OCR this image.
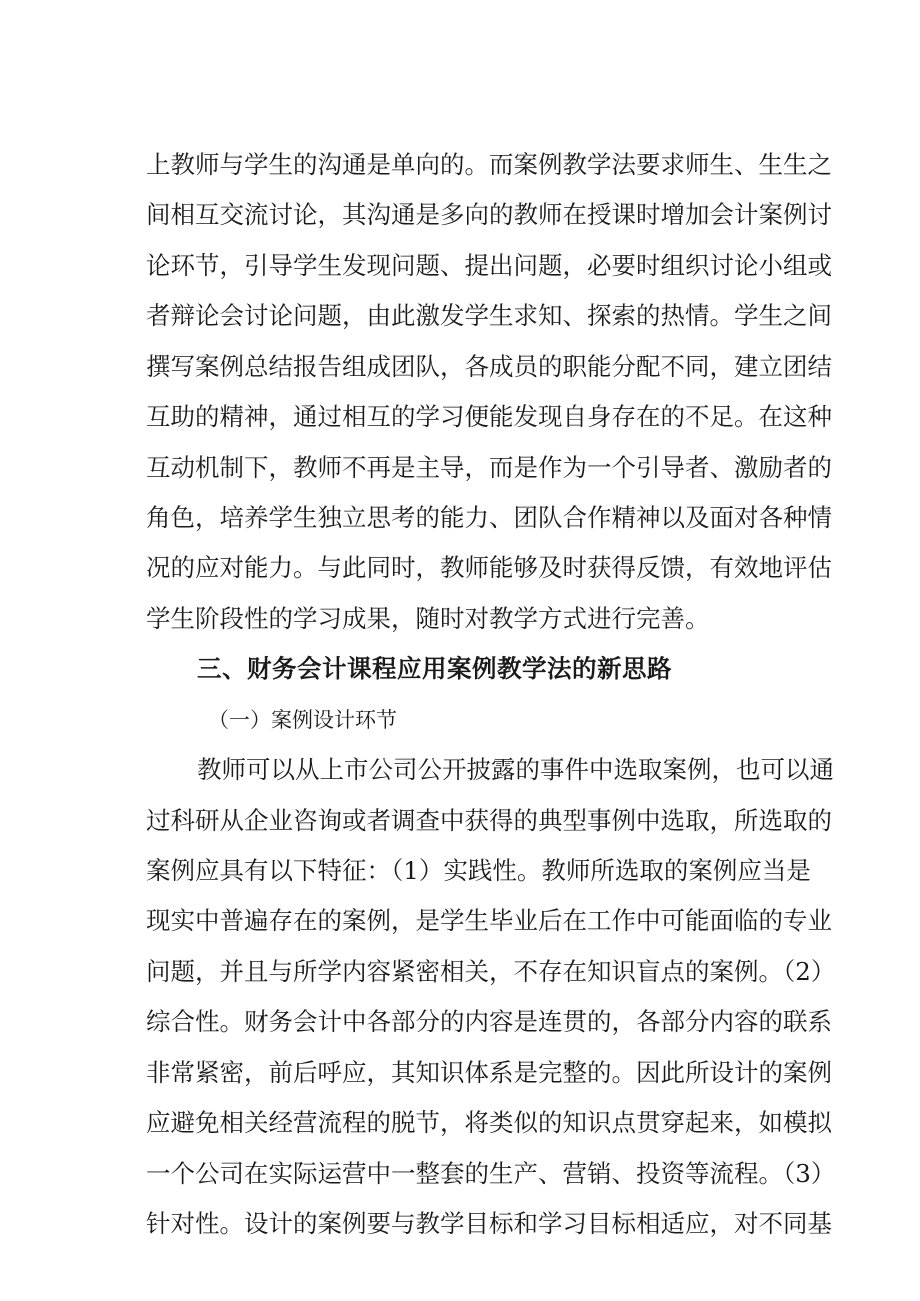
上教师与学生的沟通是单向的。而案例教学法要求师生、生生之
间相互交流讨论，其沟通是多向的教师在授课时增加会计案例讨
论环节，引导学生发现问题、提出问题，必要时组织讨论小组或
者辩论会讨论问题，由此激发学生求知、探索的热情。学生之间
撰写案例总结报告组成团队，各成员的职能分配不同，建立团结
互助的精神，通过相互的学习便能发现自身存在的不足。在这种
互动机制下，教师不再是主导，而是作为一个引导者、激励者的
角色，培养学生独立思考的能力、团队合作精神以及面对各种情
况的应对能力。与此同时，教师能够及时获得反馈，有效地评估
学生阶段性的学习成果，随时对教学方式进行完善。
三、财务会计课程应用案例教学法的新思路
（一）案例设计环节
教师可以从上市公司公开披露的事件中选取案例，也可以通
过科研从企业咨询或者调查中获得的典型事例中选取，所选取的
案例应具有以下特征：（1）实践性。教师所选取的案例应当是
现实中普遍存在的案例，是学生毕业后在工作中可能面临的专业
问题，并且与所学内容紧密相关，不存在知识盲点的案例。（2）
综合性。财务会计中各部分的内容是连贯的，各部分内容的联系
非常紧密，前后呼应，其知识体系是完整的。因此所设计的案例
应避免相关经营流程的脱节，将类似的知识点贯穿起来，如模拟
一个公司在实际运营中一整套的生产、营销、投资等流程。（3）
针对性。设计的案例要与教学目标和学习目标相适应，对不同基
